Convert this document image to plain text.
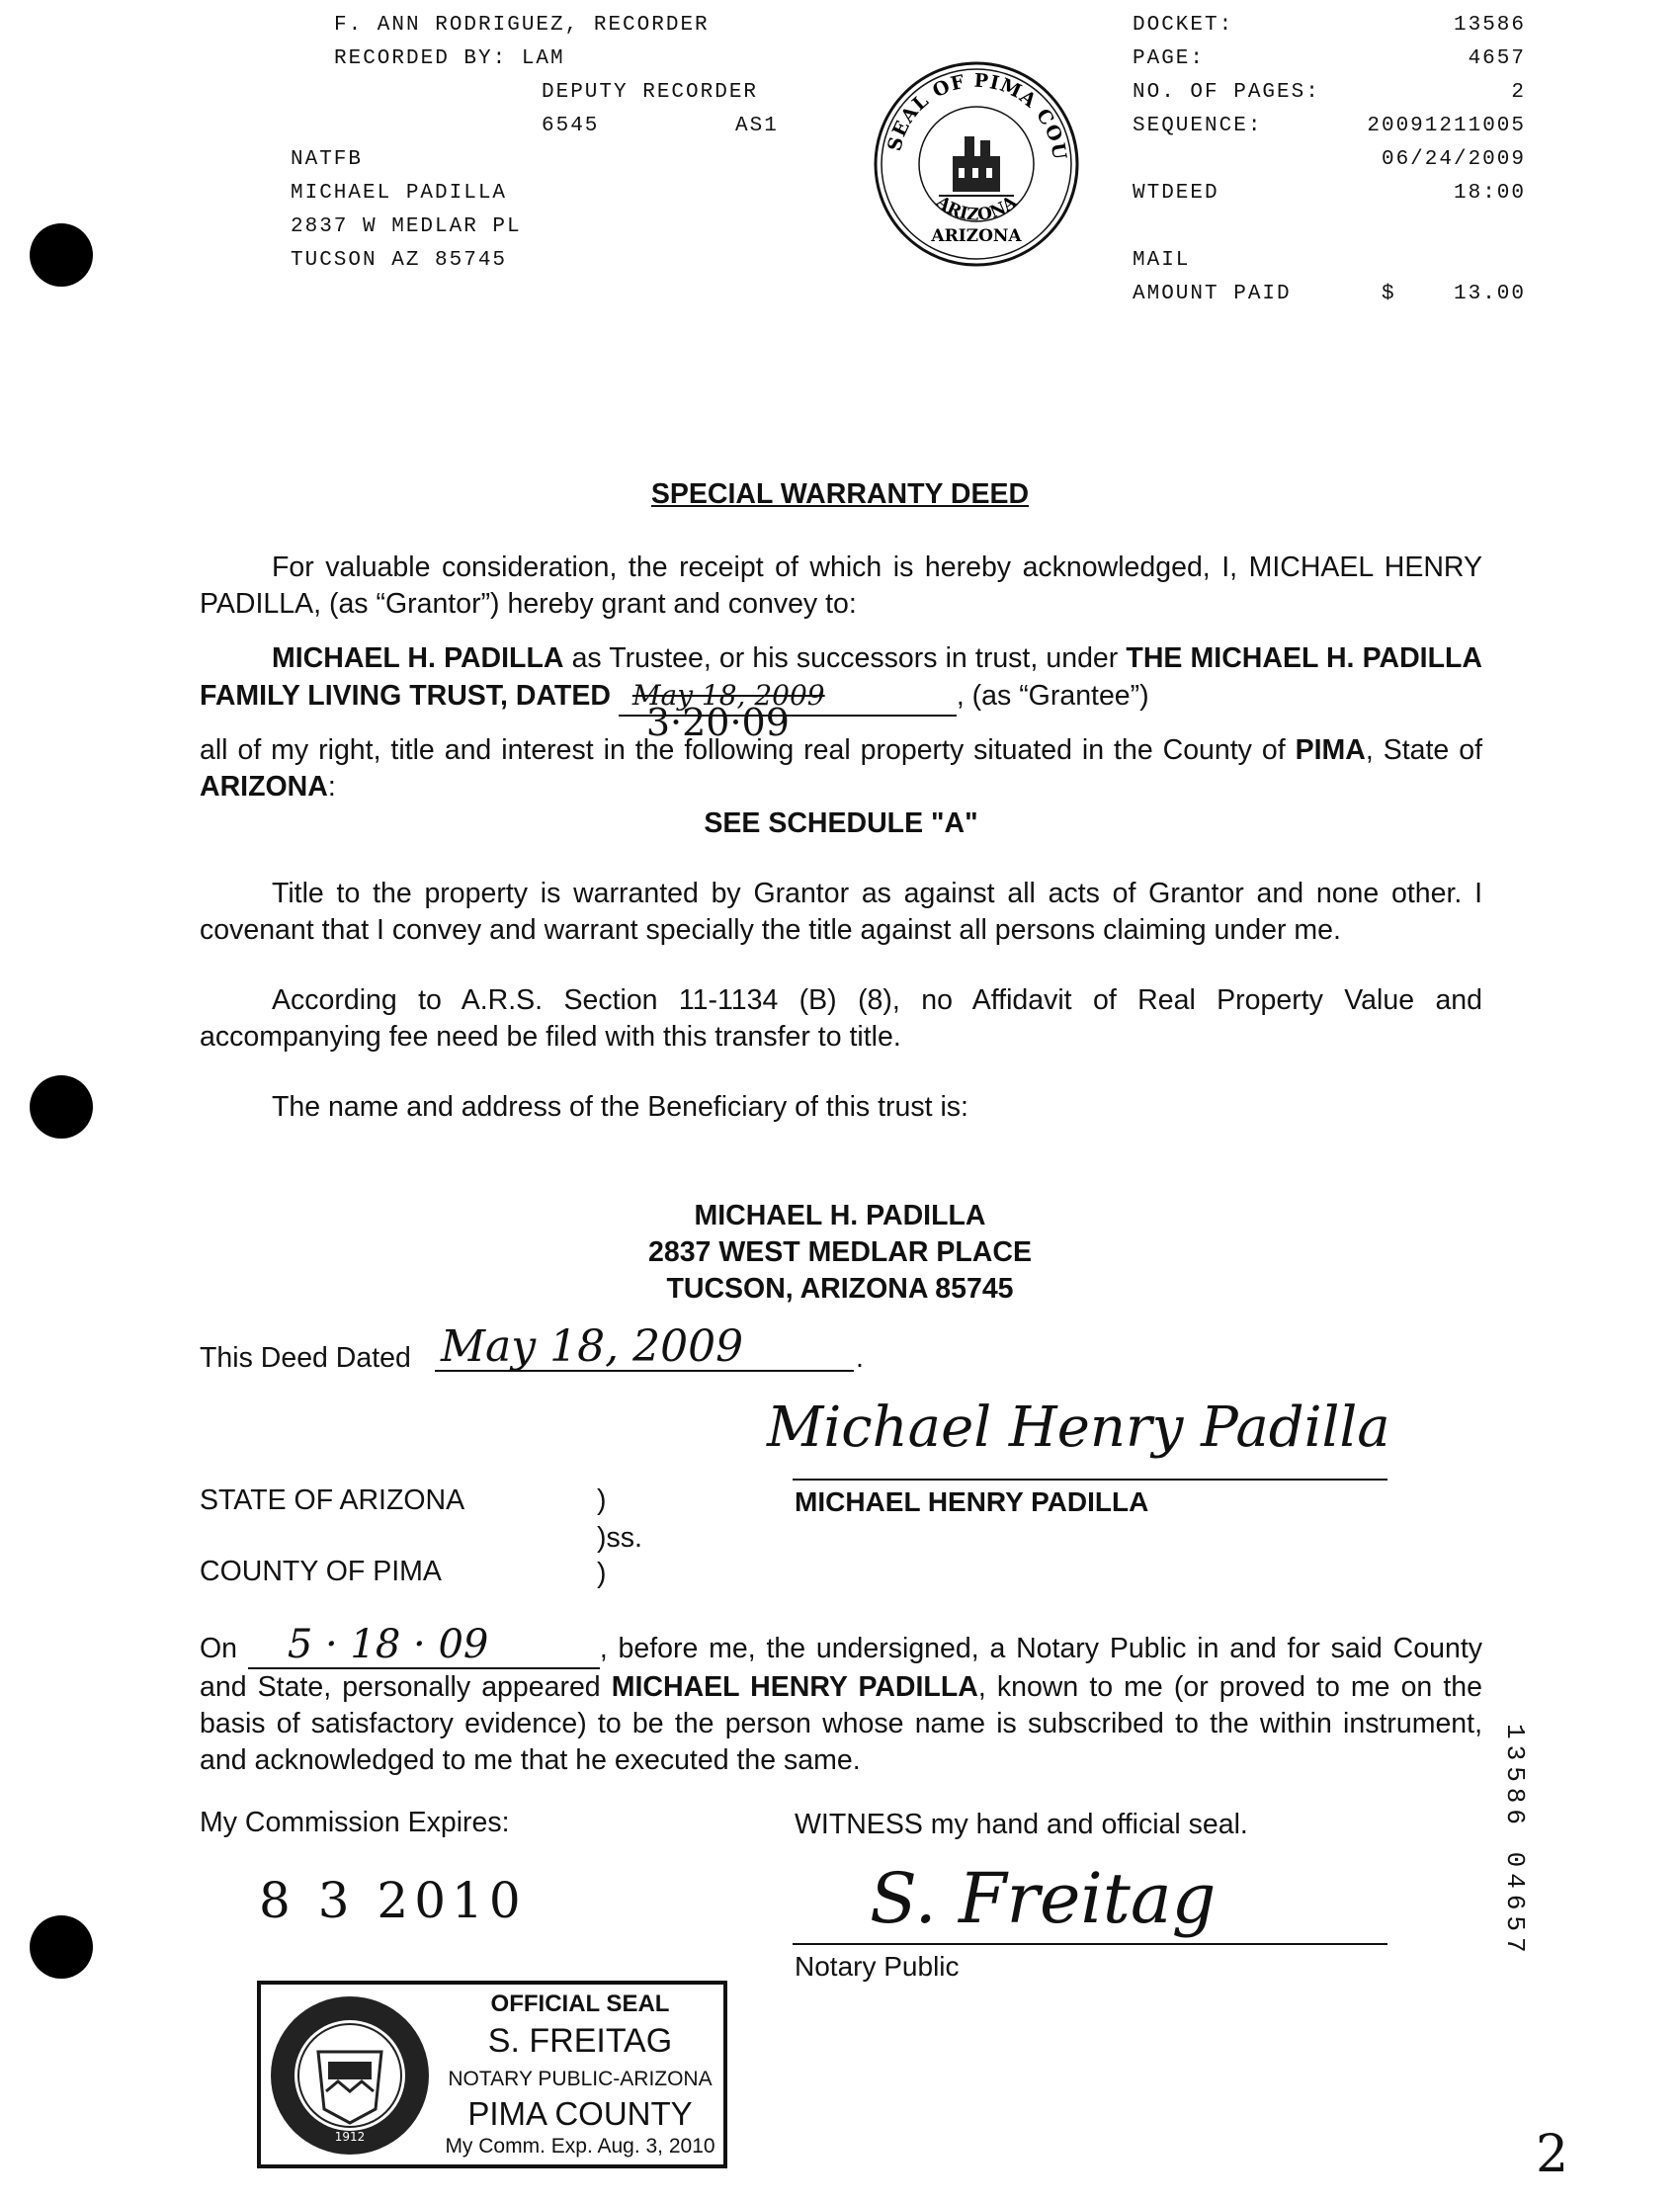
F. ANN RODRIGUEZ, RECORDER
RECORDED BY: LAM
DEPUTY RECORDER
6545	AS1
NATFB
MICHAEL PADILLA
2837 W MEDLAR PL
TUCSON AZ 85745
SEAL OF PIMA COU
ARIZONA
ARIZONA
DOCKET:	13586
PAGE:	4657
NO. OF PAGES:	2
SEQUENCE:	20091211005
06/24/2009
WTDEED	18:00
MAIL
AMOUNT PAID	$	13.00
SPECIAL WARRANTY DEED

For valuable consideration, the receipt of which is hereby acknowledged, I, MICHAEL HENRY PADILLA, (as “Grantor”) hereby grant and convey to:

MICHAEL H. PADILLA as Trustee, or his successors in trust, under THE MICHAEL H. PADILLA FAMILY LIVING TRUST, DATED May 18, 2009
3·20·09
, (as “Grantee”)

all of my right, title and interest in the following real property situated in the County of PIMA, State of ARIZONA:

SEE SCHEDULE "A"

Title to the property is warranted by Grantor as against all acts of Grantor and none other. I covenant that I convey and warrant specially the title against all persons claiming under me.

According to A.R.S. Section 11-1134 (B) (8), no Affidavit of Real Property Value and accompanying fee need be filed with this transfer to title.

The name and address of the Beneficiary of this trust is:

MICHAEL H. PADILLA
2837 WEST MEDLAR PLACE
TUCSON, ARIZONA 85745
This Deed Dated May 18, 2009	.
Michael Henry Padilla
MICHAEL HENRY PADILLA
STATE OF ARIZONA	)
)ss.
COUNTY OF PIMA	)

On 5 · 18 · 09	, before me, the undersigned, a Notary Public in and for said County and State, personally appeared MICHAEL HENRY PADILLA, known to me (or proved to me on the basis of satisfactory evidence) to be the person whose name is subscribed to the within instrument, and acknowledged to me that he executed the same.

My Commission Expires:
8 3 2010
WITNESS my hand and official seal.
S. Freitag
Notary Public
1912
OFFICIAL SEAL
S. FREITAG
NOTARY PUBLIC-ARIZONA
PIMA COUNTY
My Comm. Exp. Aug. 3, 2010
13586 04657
2
